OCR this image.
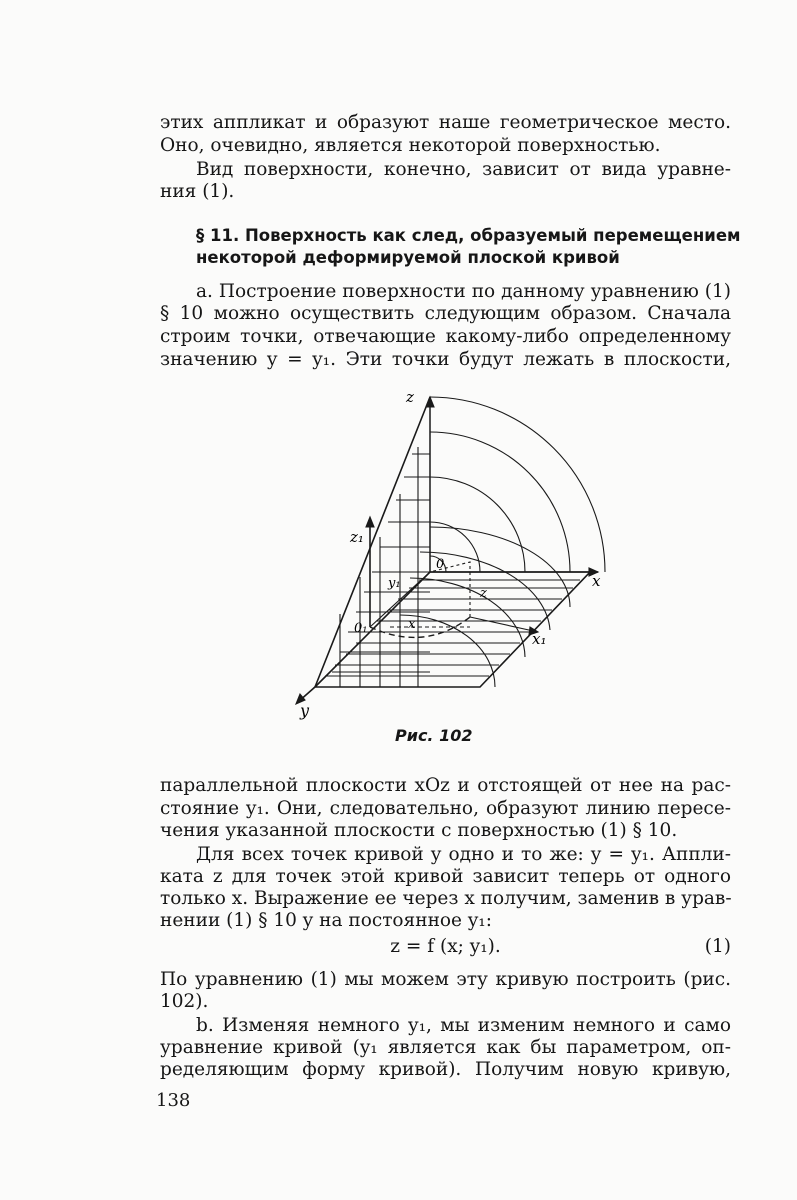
этих аппликат и образуют наше геометрическое место.
Оно, очевидно, является некоторой поверхностью.
Вид поверхности, конечно, зависит от вида уравне-
ния (1).
§ 11. Поверхность как след, образуемый перемещением
некоторой деформируемой плоской кривой
a. Построение поверхности по данному уравнению (1)
§ 10 можно осуществить следующим образом. Сначала
строим точки, отвечающие какому-либо определенному
значению y = y₁. Эти точки будут лежать в плоскости,
z
z₁
0
y₁
z
0₁	x
x
x₁
y
Рис. 102
параллельной плоскости xOz и отстоящей от нее на рас-
стояние y₁. Они, следовательно, образуют линию пересе-
чения указанной плоскости с поверхностью (1) § 10.
Для всех точек кривой y одно и то же: y = y₁. Аппли-
ката z для точек этой кривой зависит теперь от одного
только x. Выражение ее через x получим, заменив в урав-
нении (1) § 10 y на постоянное y₁:
z = f (x; y₁).	(1)
По уравнению (1) мы можем эту кривую построить (рис.
102).
b. Изменяя немного y₁, мы изменим немного и само
уравнение кривой (y₁ является как бы параметром, оп-
ределяющим форму кривой). Получим новую кривую,
138
